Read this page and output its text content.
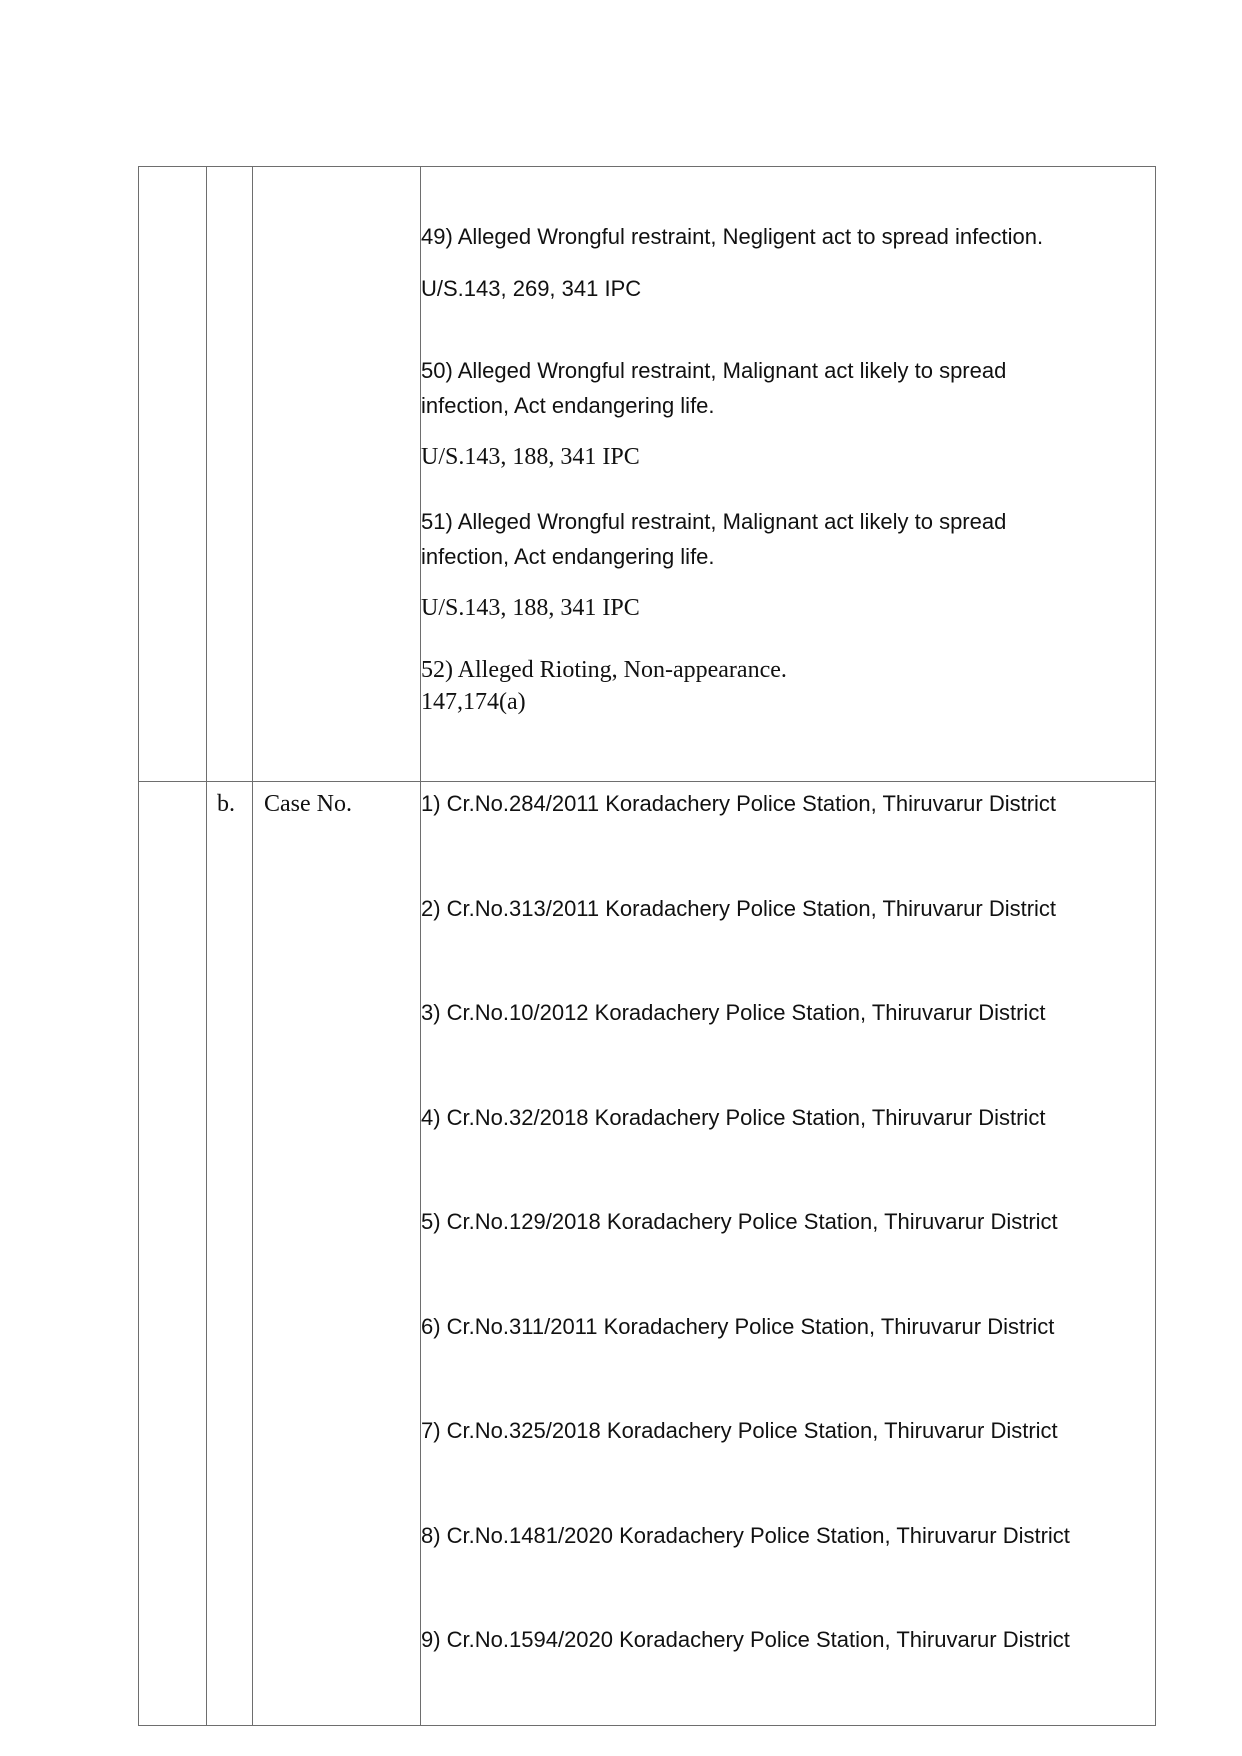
49) Alleged Wrongful restraint, Negligent act to spread infection.
U/S.143, 269, 341 IPC
50) Alleged Wrongful restraint, Malignant act likely to spread
infection, Act endangering life.
U/S.143, 188, 341 IPC
51) Alleged Wrongful restraint, Malignant act likely to spread
infection, Act endangering life.
U/S.143, 188, 341 IPC
52) Alleged Rioting, Non-appearance.
147,174(a)
b. Case No.	1) Cr.No.284/2011 Koradachery Police Station, Thiruvarur District
2) Cr.No.313/2011 Koradachery Police Station, Thiruvarur District
3) Cr.No.10/2012 Koradachery Police Station, Thiruvarur District
4) Cr.No.32/2018 Koradachery Police Station, Thiruvarur District
5) Cr.No.129/2018 Koradachery Police Station, Thiruvarur District
6) Cr.No.311/2011 Koradachery Police Station, Thiruvarur District
7) Cr.No.325/2018 Koradachery Police Station, Thiruvarur District
8) Cr.No.1481/2020 Koradachery Police Station, Thiruvarur District
9) Cr.No.1594/2020 Koradachery Police Station, Thiruvarur District
